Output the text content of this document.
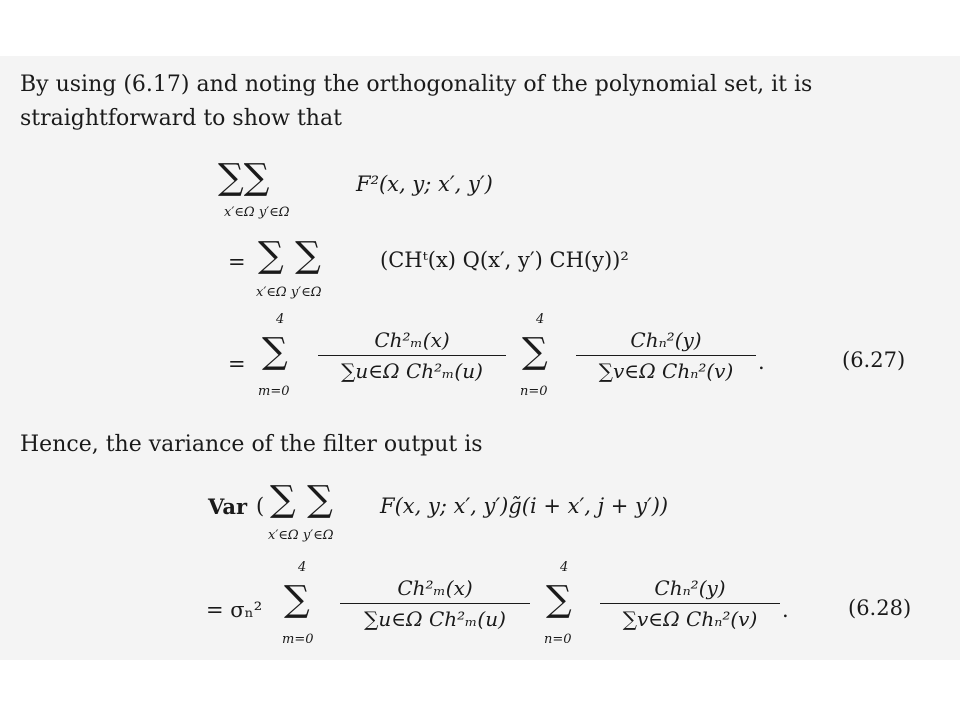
By using (6.17) and noting the orthogonality of the polynomial set, it is
straightforward to show that
∑∑
x′∈Ω y′∈Ω
F²(x, y; x′, y′)
= ∑ ∑
x′∈Ω y′∈Ω
(CHᵗ(x) Q(x′, y′) CH(y))²
=
4
∑
m=0
$\frac{\text{Ch²ₘ(x)}}{\text{∑u∈Ω Ch²ₘ(u)}}$
4
∑
n=0
Chₙ²(y)
∑v∈Ω Chₙ²(v)	.	(6.27)
Hence, the variance of the filter output is
Var ( ∑ ∑
x′∈Ω y′∈Ω
F(x, y; x′, y′)g̃(i + x′, j + y′))
= σₙ²
4
∑
m=0
$\frac{\text{Ch²ₘ(x)}}{\text{∑u∈Ω Ch²ₘ(u)}}$
4
∑
n=0
Chₙ²(y)
∑v∈Ω Chₙ²(v)	.	(6.28)
